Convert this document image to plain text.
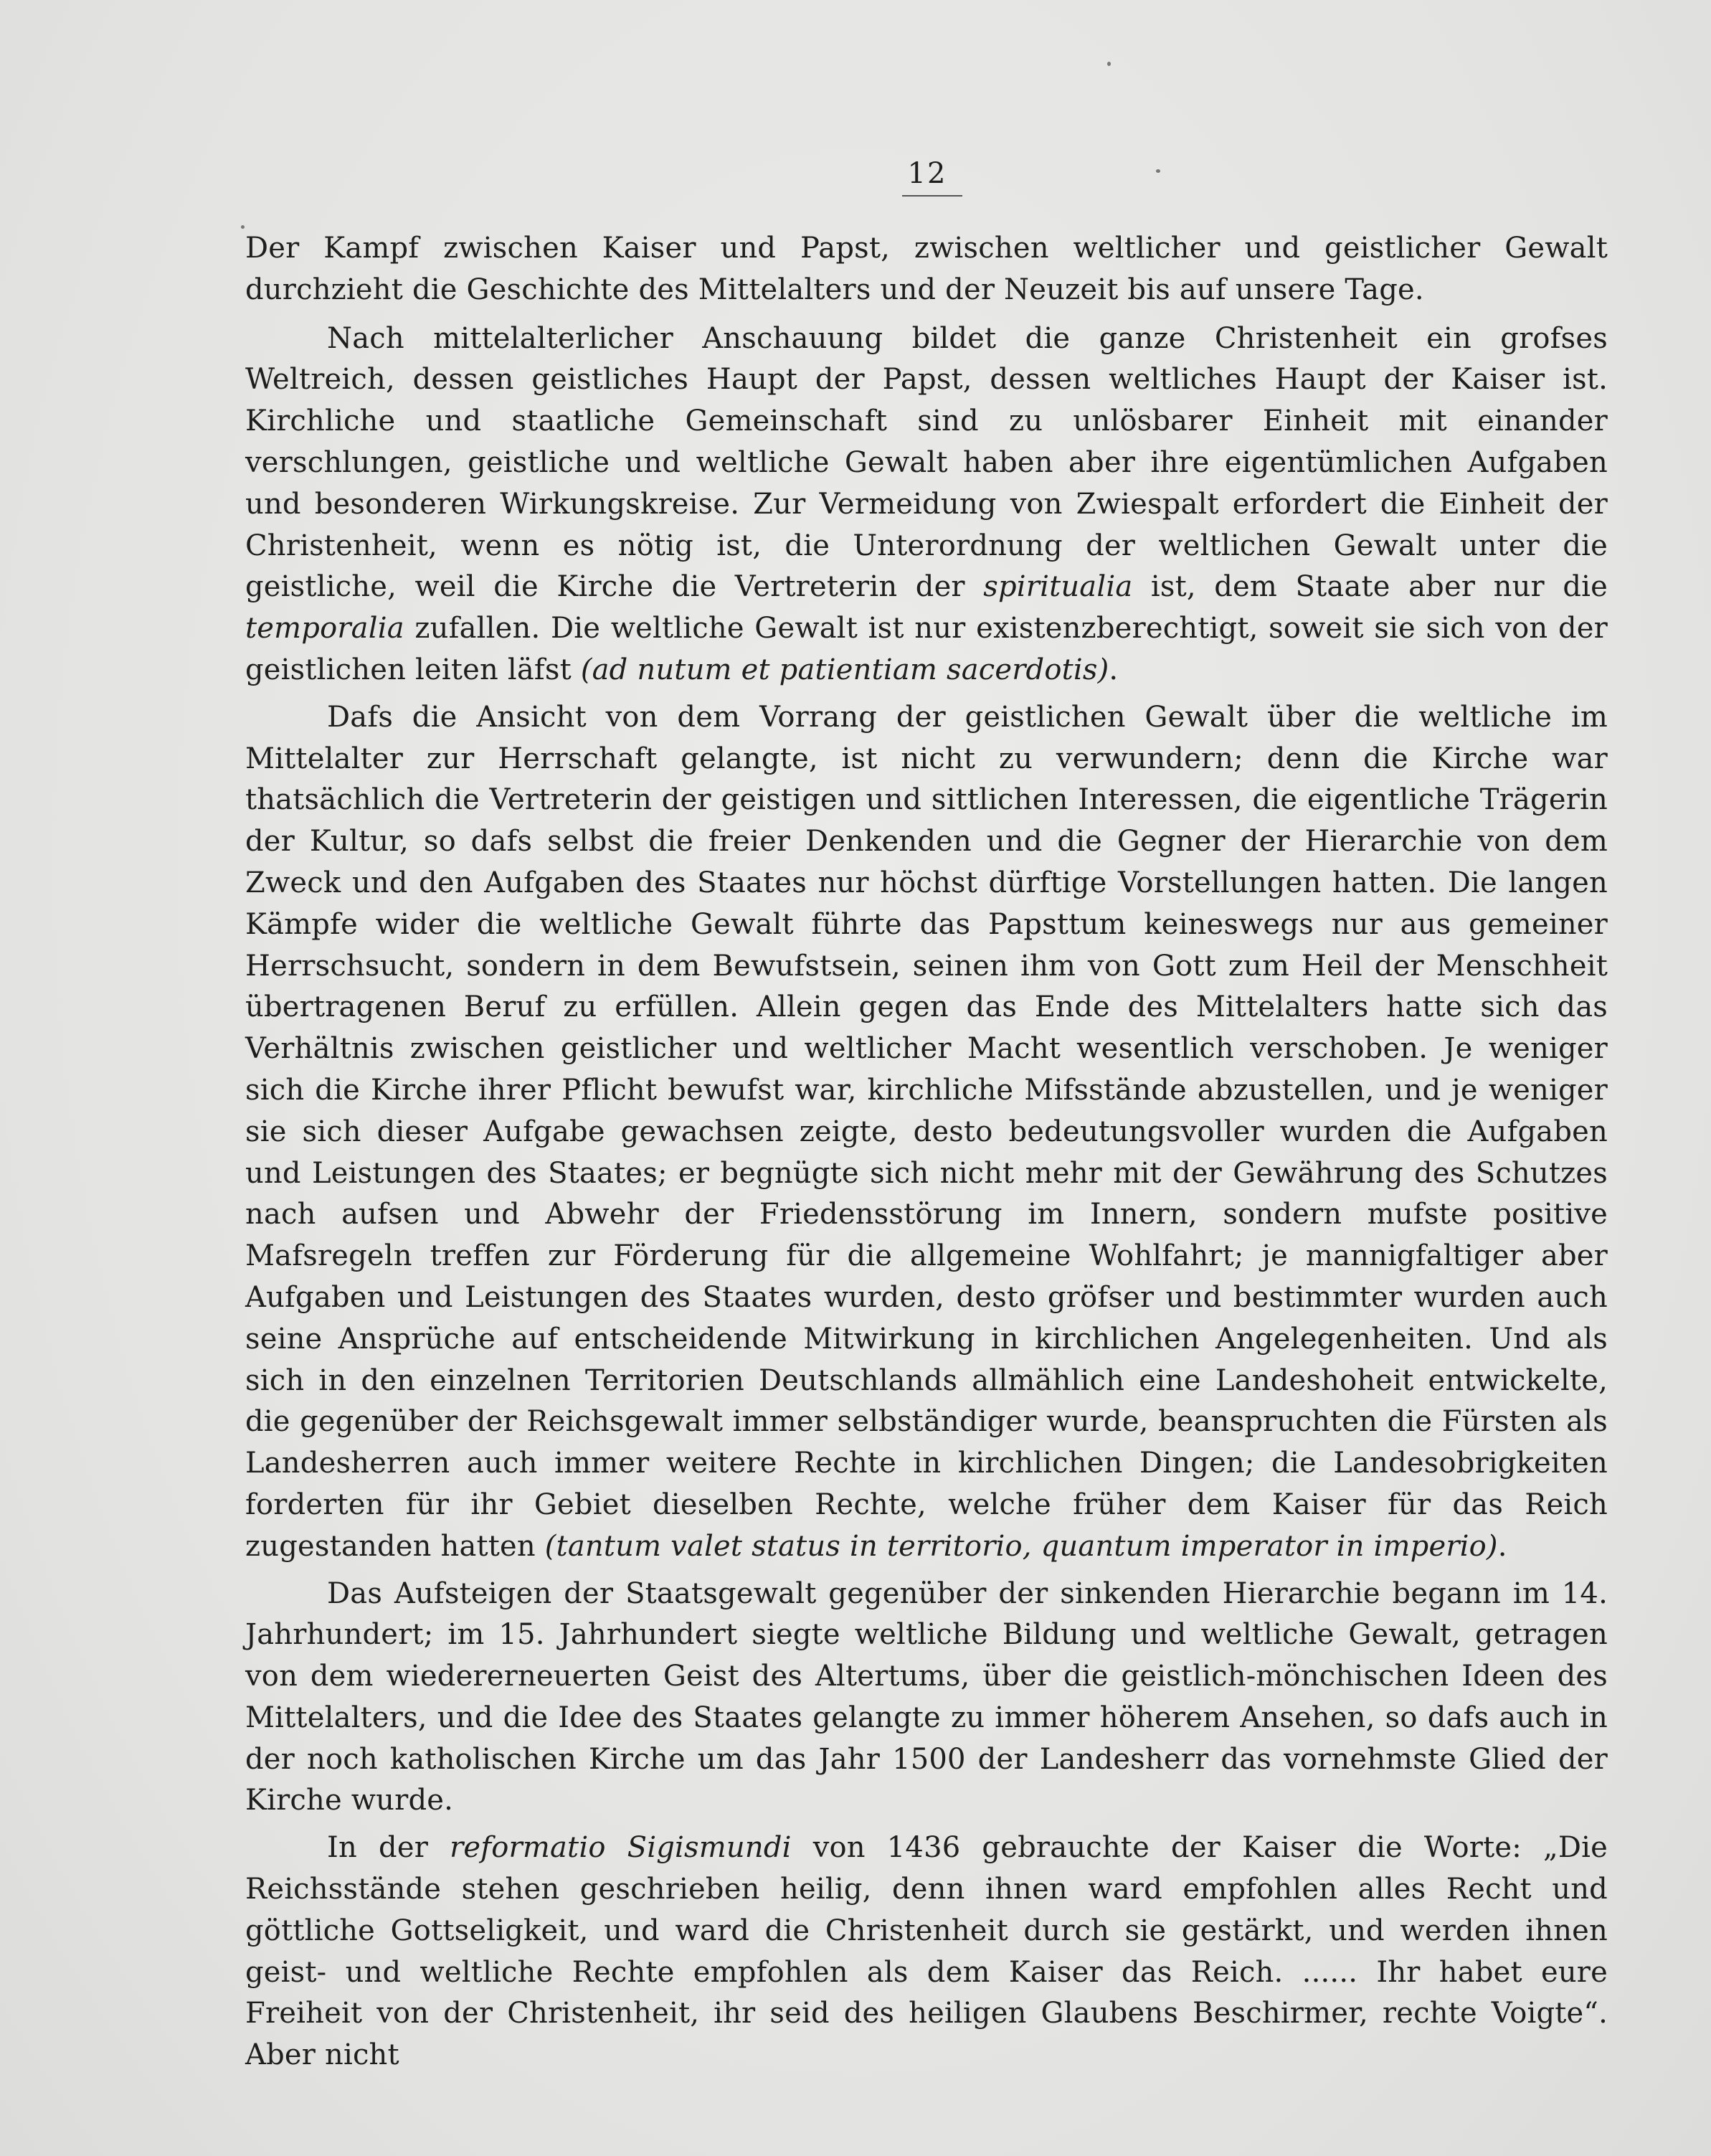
12

Der Kampf zwischen Kaiser und Papst, zwischen weltlicher und geistlicher Gewalt durchzieht die Geschichte des Mittelalters und der Neuzeit bis auf unsere Tage.

Nach mittelalterlicher Anschauung bildet die ganze Christenheit ein grofses Weltreich, dessen geistliches Haupt der Papst, dessen weltliches Haupt der Kaiser ist. Kirchliche und staatliche Gemeinschaft sind zu unlösbarer Einheit mit einander verschlungen, geistliche und weltliche Gewalt haben aber ihre eigentümlichen Aufgaben und besonderen Wirkungskreise. Zur Vermeidung von Zwiespalt erfordert die Einheit der Christenheit, wenn es nötig ist, die Unterordnung der weltlichen Gewalt unter die geistliche, weil die Kirche die Vertreterin der spiritualia ist, dem Staate aber nur die temporalia zufallen. Die weltliche Gewalt ist nur existenzberechtigt, soweit sie sich von der geistlichen leiten läfst (ad nutum et patientiam sacerdotis).

Dafs die Ansicht von dem Vorrang der geistlichen Gewalt über die weltliche im Mittelalter zur Herrschaft gelangte, ist nicht zu verwundern; denn die Kirche war thatsächlich die Vertreterin der geistigen und sittlichen Interessen, die eigentliche Trägerin der Kultur, so dafs selbst die freier Denkenden und die Gegner der Hierarchie von dem Zweck und den Aufgaben des Staates nur höchst dürftige Vorstellungen hatten. Die langen Kämpfe wider die weltliche Gewalt führte das Papsttum keineswegs nur aus gemeiner Herrschsucht, sondern in dem Bewufstsein, seinen ihm von Gott zum Heil der Menschheit übertragenen Beruf zu erfüllen. Allein gegen das Ende des Mittelalters hatte sich das Verhältnis zwischen geistlicher und weltlicher Macht wesentlich verschoben. Je weniger sich die Kirche ihrer Pflicht bewufst war, kirchliche Mifsstände abzustellen, und je weniger sie sich dieser Aufgabe gewachsen zeigte, desto bedeutungsvoller wurden die Aufgaben und Leistungen des Staates; er begnügte sich nicht mehr mit der Gewährung des Schutzes nach aufsen und Abwehr der Friedensstörung im Innern, sondern mufste positive Mafsregeln treffen zur Förderung für die allgemeine Wohlfahrt; je mannigfaltiger aber Aufgaben und Leistungen des Staates wurden, desto gröfser und bestimmter wurden auch seine Ansprüche auf entscheidende Mitwirkung in kirchlichen Angelegenheiten. Und als sich in den einzelnen Territorien Deutschlands allmählich eine Landeshoheit entwickelte, die gegenüber der Reichsgewalt immer selbständiger wurde, beanspruchten die Fürsten als Landesherren auch immer weitere Rechte in kirchlichen Dingen; die Landesobrigkeiten forderten für ihr Gebiet dieselben Rechte, welche früher dem Kaiser für das Reich zugestanden hatten (tantum valet status in territorio, quantum imperator in imperio).

Das Aufsteigen der Staatsgewalt gegenüber der sinkenden Hierarchie begann im 14. Jahrhundert; im 15. Jahrhundert siegte weltliche Bildung und weltliche Gewalt, getragen von dem wiedererneuerten Geist des Altertums, über die geistlich-mönchischen Ideen des Mittelalters, und die Idee des Staates gelangte zu immer höherem Ansehen, so dafs auch in der noch katholischen Kirche um das Jahr 1500 der Landesherr das vornehmste Glied der Kirche wurde.

In der reformatio Sigismundi von 1436 gebrauchte der Kaiser die Worte: „Die Reichsstände stehen geschrieben heilig, denn ihnen ward empfohlen alles Recht und göttliche Gottseligkeit, und ward die Christenheit durch sie gestärkt, und werden ihnen geist- und weltliche Rechte empfohlen als dem Kaiser das Reich. ...... Ihr habet eure Freiheit von der Christenheit, ihr seid des heiligen Glaubens Beschirmer, rechte Voigte“. Aber nicht
